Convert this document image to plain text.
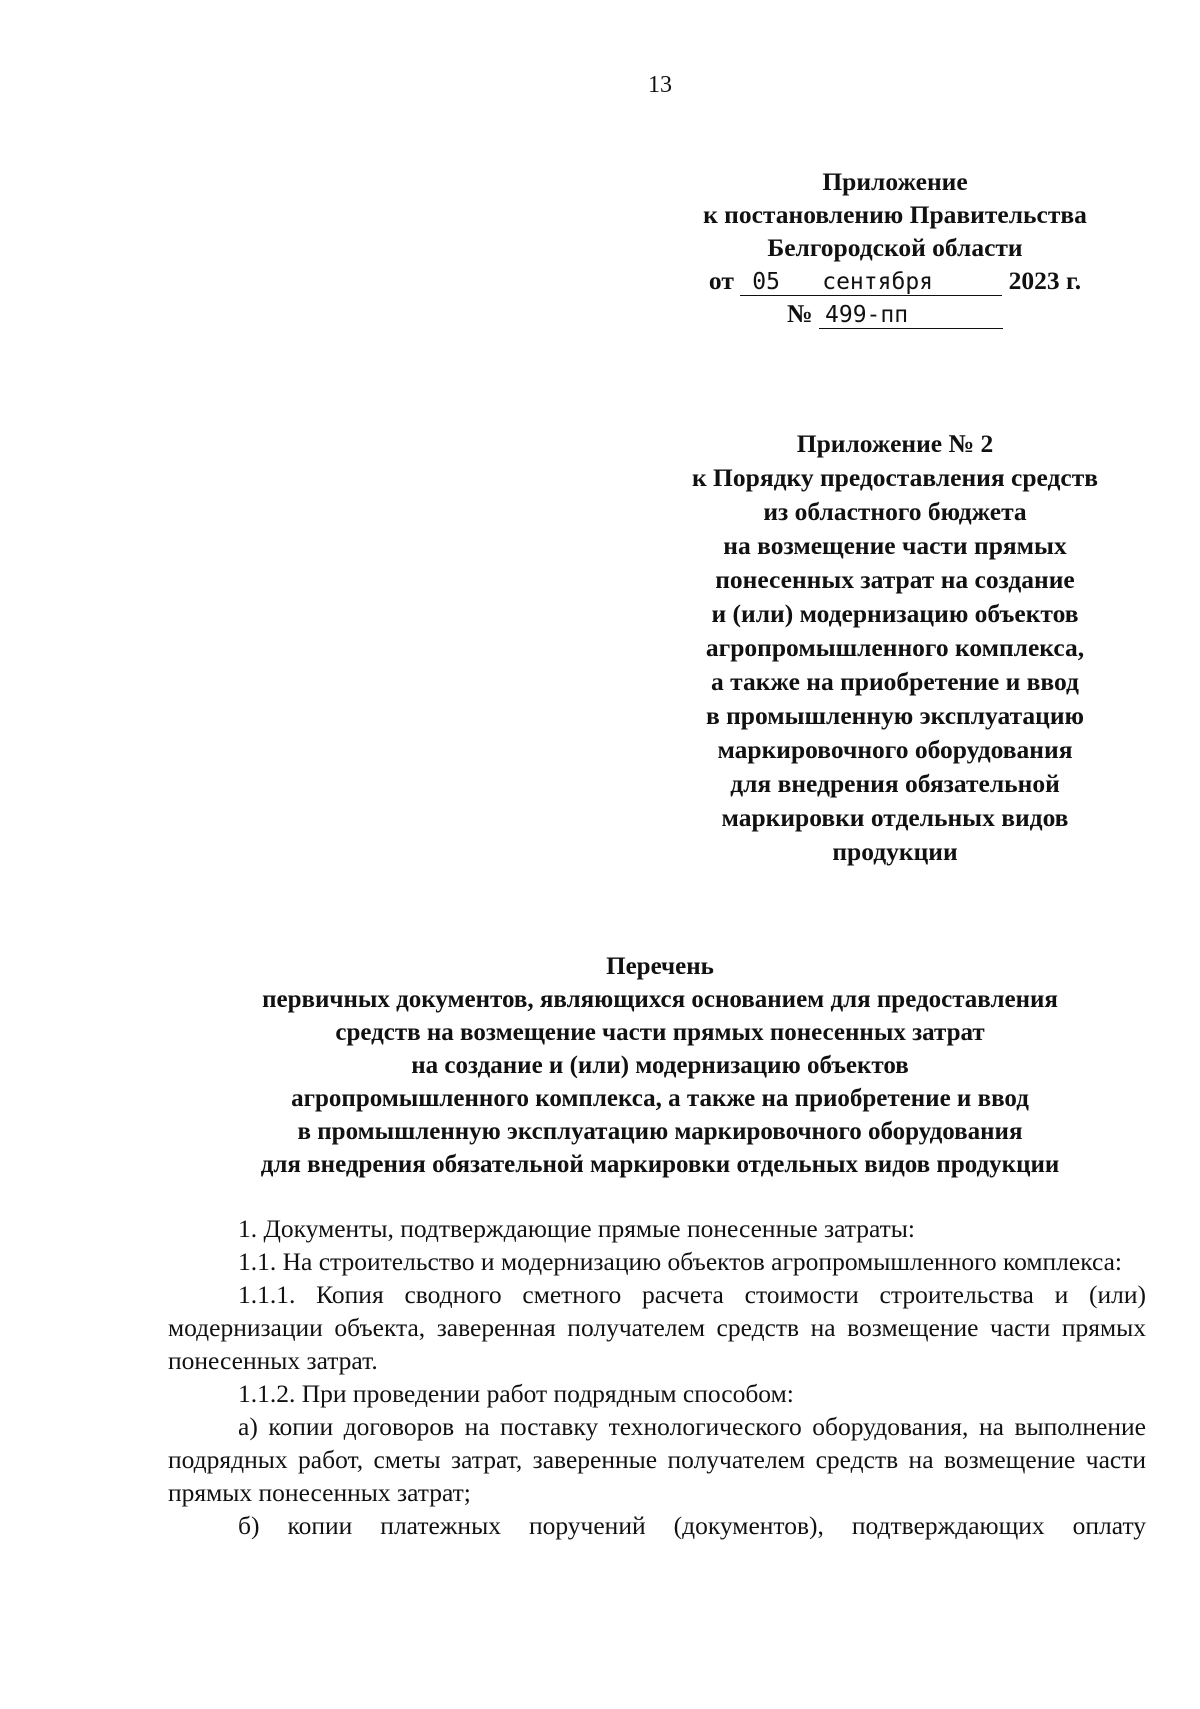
13
Приложение
к постановлению Правительства
Белгородской области
от 05 сентября	2023 г.
№ 499-пп
Приложение № 2
к Порядку предоставления средств
из областного бюджета
на возмещение части прямых
понесенных затрат на создание
и (или) модернизацию объектов
агропромышленного комплекса,
а также на приобретение и ввод
в промышленную эксплуатацию
маркировочного оборудования
для внедрения обязательной
маркировки отдельных видов
продукции
Перечень
первичных документов, являющихся основанием для предоставления
средств на возмещение части прямых понесенных затрат
на создание и (или) модернизацию объектов
агропромышленного комплекса, а также на приобретение и ввод
в промышленную эксплуатацию маркировочного оборудования
для внедрения обязательной маркировки отдельных видов продукции

1. Документы, подтверждающие прямые понесенные затраты:

1.1. На строительство и модернизацию объектов агропромышленного комплекса:

1.1.1. Копия сводного сметного расчета стоимости строительства и (или) модернизации объекта, заверенная получателем средств на возмещение части прямых понесенных затрат.

1.1.2. При проведении работ подрядным способом:

а) копии договоров на поставку технологического оборудования, на выполнение подрядных работ, сметы затрат, заверенные получателем средств на возмещение части прямых понесенных затрат;

б) копии платежных поручений (документов), подтверждающих оплату
